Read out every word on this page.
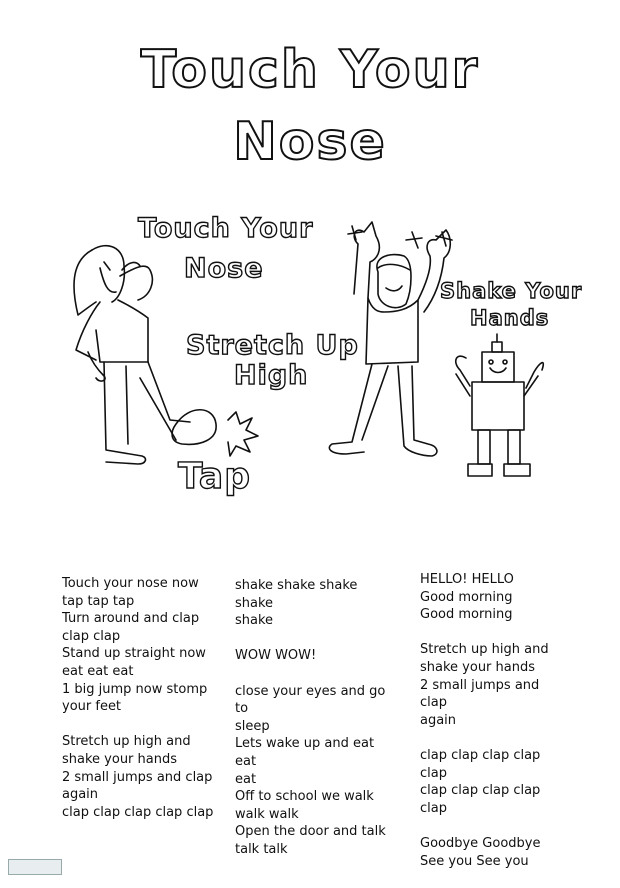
Touch Your
Nose
Touch Your
Nose
Stretch Up
High
Shake Your
Hands
Tap

Touch your nose now
tap tap tap
Turn around and clap
clap clap
Stand up straight now
eat eat eat
1 big jump now stomp
your feet

Stretch up high and
shake your hands
2 small jumps and clap
again
clap clap clap clap clap

shake shake shake shake
shake

WOW WOW!

close your eyes and go to
sleep
Lets wake up and eat eat
eat
Off to school we walk
walk walk
Open the door and talk
talk talk

HELLO! HELLO
Good morning
Good morning

Stretch up high and
shake your hands
2 small jumps and clap
again

clap clap clap clap clap
clap clap clap clap clap

Goodbye Goodbye
See you See you
